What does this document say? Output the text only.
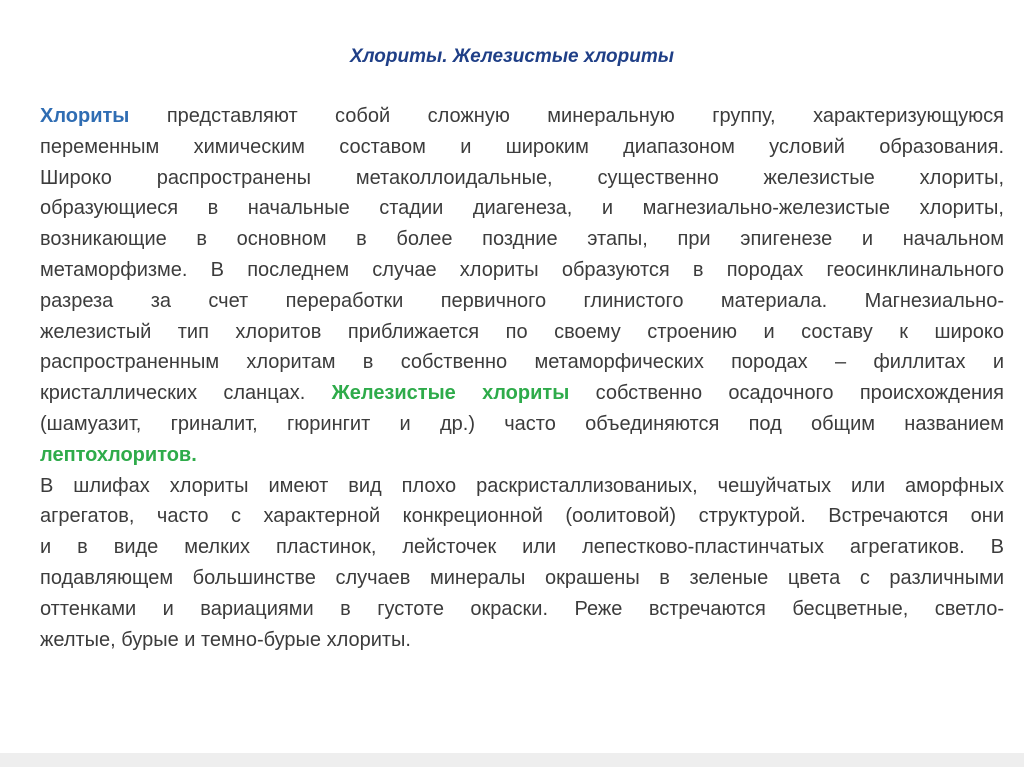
Хлориты. Железистые хлориты
Хлориты представляют собой сложную минеральную группу, характеризующуюся
переменным химическим составом и широким диапазоном условий образования.
Широко распространены метаколлоидальные, существенно железистые хлориты,
образующиеся в начальные стадии диагенеза, и магнезиально-железистые хлориты,
возникающие в основном в более поздние этапы, при эпигенезе и начальном
метаморфизме. В последнем случае хлориты образуются в породах геосинклинального
разреза за счет переработки первичного глинистого материала. Магнезиально-
железистый тип хлоритов приближается по своему строению и составу к широко
распространенным хлоритам в собственно метаморфических породах – филлитах и
кристаллических сланцах. Железистые хлориты собственно осадочного происхождения
(шамуазит, гриналит, гюрингит и др.) часто объединяются под общим названием
лептохлоритов.
В шлифах хлориты имеют вид плохо раскристаллизованиых, чешуйчатых или аморфных
агрегатов, часто с характерной конкреционной (оолитовой) структурой. Встречаются они
и в виде мелких пластинок, лейсточек или лепестково-пластинчатых агрегатиков. В
подавляющем большинстве случаев минералы окрашены в зеленые цвета с различными
оттенками и вариациями в густоте окраски. Реже встречаются бесцветные, светло-
желтые, бурые и темно-бурые хлориты.
